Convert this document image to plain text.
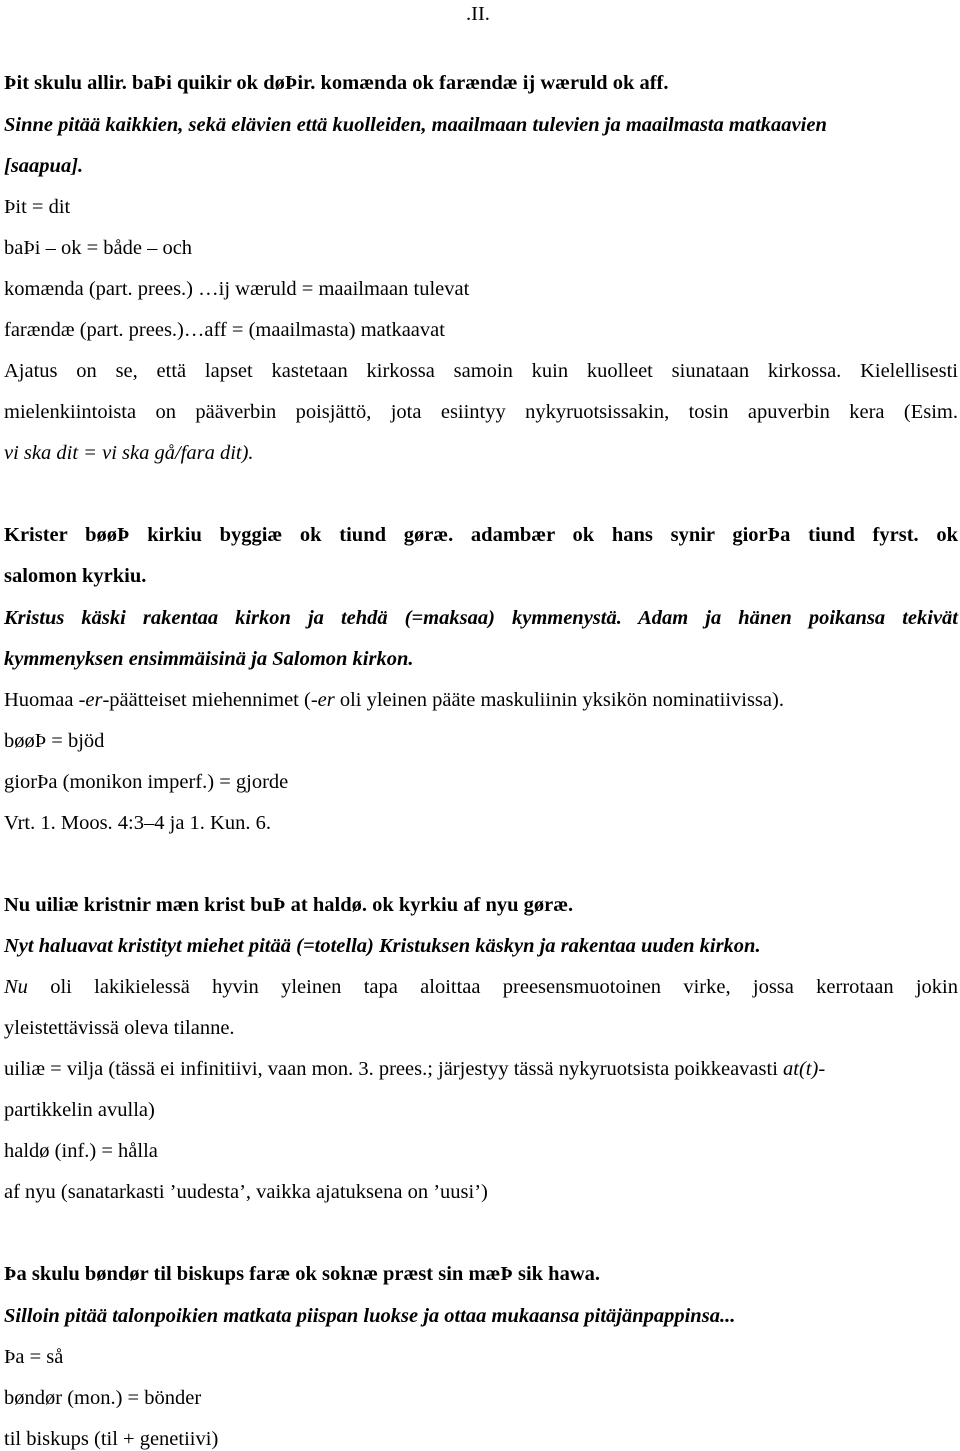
.II.
Þit skulu allir. baÞi quikir ok døÞir. komænda ok farændæ ij wæruld ok aff.
Sinne pitää kaikkien, sekä elävien että kuolleiden, maailmaan tulevien ja maailmasta matkaavien
[saapua].
Þit = dit
baÞi – ok = både – och
komænda (part. prees.) …ij wæruld = maailmaan tulevat
farændæ (part. prees.)…aff = (maailmasta) matkaavat
Ajatus on se, että lapset kastetaan kirkossa samoin kuin kuolleet siunataan kirkossa. Kielellisesti
mielenkiintoista on pääverbin poisjättö, jota esiintyy nykyruotsissakin, tosin apuverbin kera (Esim.
vi ska dit = vi ska gå/fara dit).
Krister bøøÞ kirkiu byggiæ ok tiund gøræ. adambær ok hans synir giorÞa tiund fyrst. ok
salomon kyrkiu.
Kristus käski rakentaa kirkon ja tehdä (=maksaa) kymmenystä. Adam ja hänen poikansa tekivät
kymmenyksen ensimmäisinä ja Salomon kirkon.
Huomaa -er-päätteiset miehennimet (-er oli yleinen pääte maskuliinin yksikön nominatiivissa).
bøøÞ = bjöd
giorÞa (monikon imperf.) = gjorde
Vrt. 1. Moos. 4:3–4 ja 1. Kun. 6.
Nu uiliæ kristnir mæn krist buÞ at haldø. ok kyrkiu af nyu gøræ.
Nyt haluavat kristityt miehet pitää (=totella) Kristuksen käskyn ja rakentaa uuden kirkon.
Nu oli lakikielessä hyvin yleinen tapa aloittaa preesensmuotoinen virke, jossa kerrotaan jokin
yleistettävissä oleva tilanne.
uiliæ = vilja (tässä ei infinitiivi, vaan mon. 3. prees.; järjestyy tässä nykyruotsista poikkeavasti at(t)-
partikkelin avulla)
haldø (inf.) = hålla
af nyu (sanatarkasti ’uudesta’, vaikka ajatuksena on ’uusi’)
Þa skulu bøndør til biskups faræ ok soknæ præst sin mæÞ sik hawa.
Silloin pitää talonpoikien matkata piispan luokse ja ottaa mukaansa pitäjänpappinsa...
Þa = så
bøndør (mon.) = bönder
til biskups (til + genetiivi)
